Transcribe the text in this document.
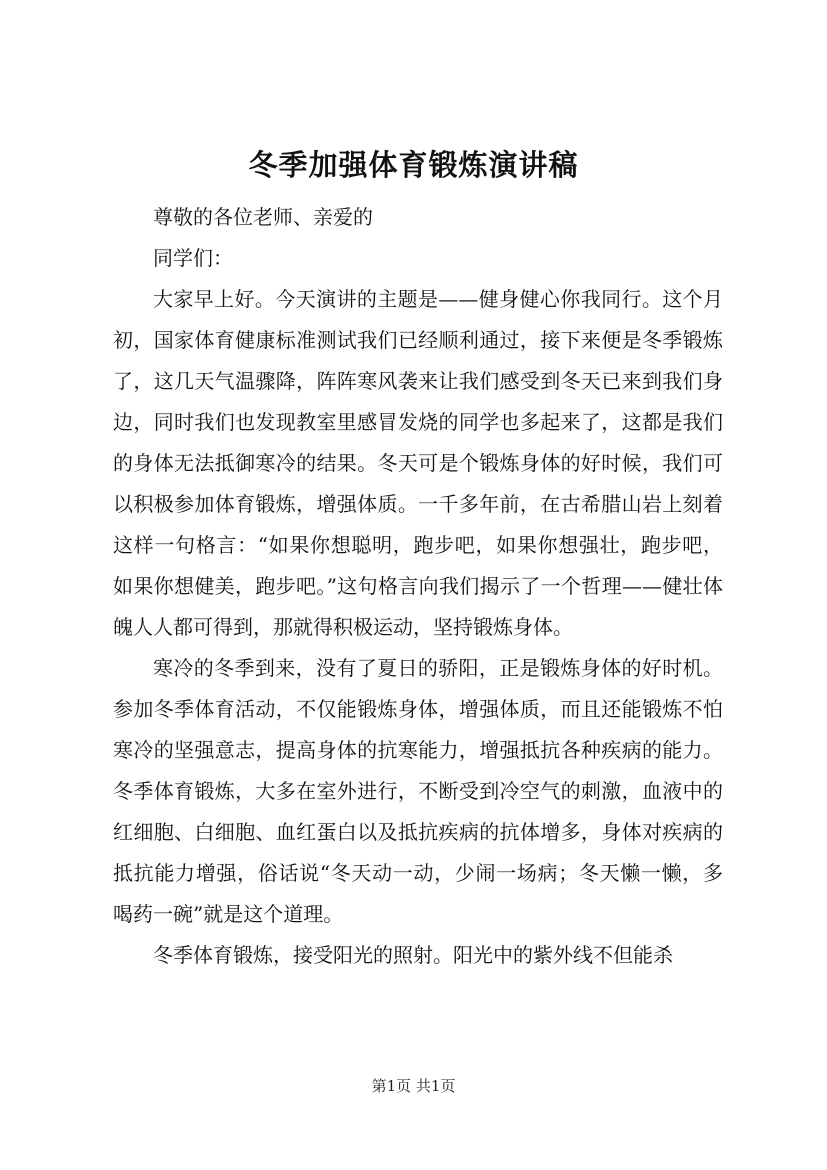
冬季加强体育锻炼演讲稿

尊敬的各位老师、亲爱的

同学们：

大家早上好。今天演讲的主题是——健身健心你我同行。这个月初，国家体育健康标准测试我们已经顺利通过，接下来便是冬季锻炼了，这几天气温骤降，阵阵寒风袭来让我们感受到冬天已来到我们身边，同时我们也发现教室里感冒发烧的同学也多起来了，这都是我们的身体无法抵御寒冷的结果。冬天可是个锻炼身体的好时候，我们可以积极参加体育锻炼，增强体质。一千多年前，在古希腊山岩上刻着这样一句格言：“如果你想聪明，跑步吧，如果你想强壮，跑步吧，如果你想健美，跑步吧。”这句格言向我们揭示了一个哲理——健壮体魄人人都可得到，那就得积极运动，坚持锻炼身体。

寒冷的冬季到来，没有了夏日的骄阳，正是锻炼身体的好时机。参加冬季体育活动，不仅能锻炼身体，增强体质，而且还能锻炼不怕寒冷的坚强意志，提高身体的抗寒能力，增强抵抗各种疾病的能力。冬季体育锻炼，大多在室外进行，不断受到冷空气的刺激，血液中的红细胞、白细胞、血红蛋白以及抵抗疾病的抗体增多，身体对疾病的抵抗能力增强，俗话说“冬天动一动，少闹一场病；冬天懒一懒，多喝药一碗”就是这个道理。

冬季体育锻炼，接受阳光的照射。阳光中的紫外线不但能杀

第1页 共1页
